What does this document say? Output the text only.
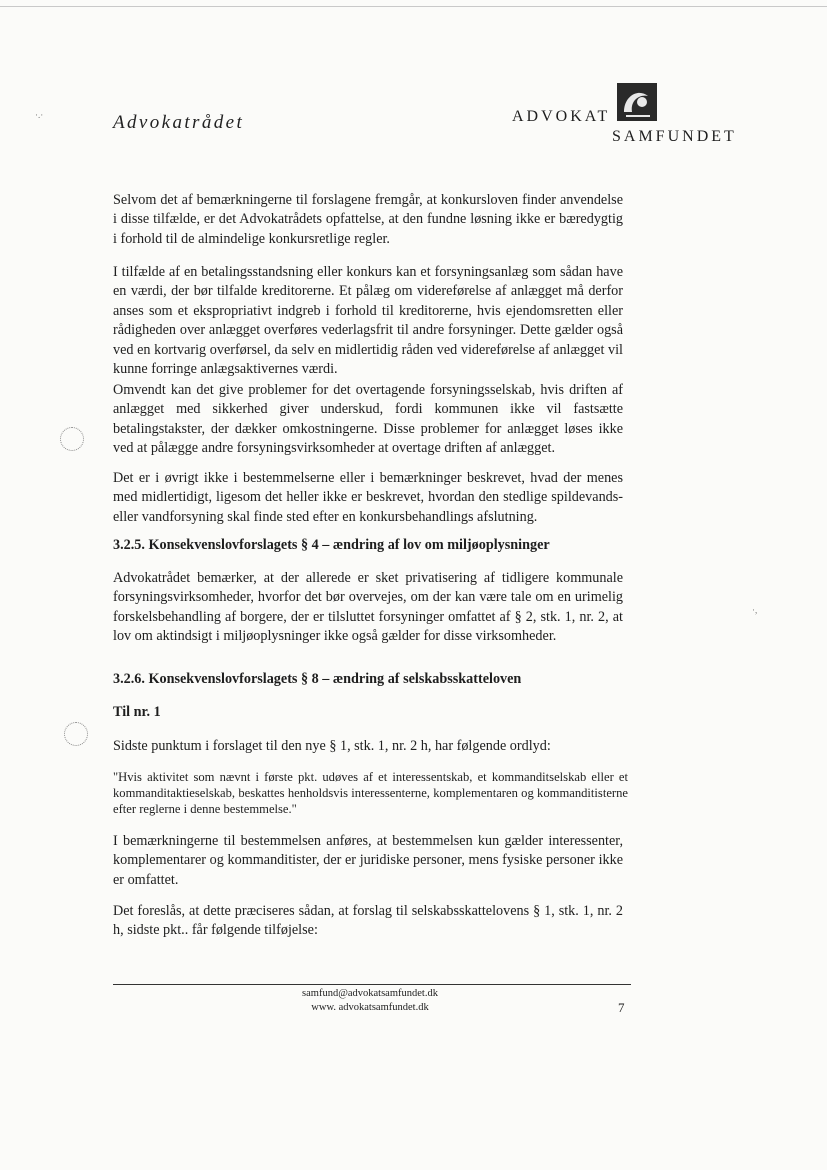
·.·
·,
Advokatrådet	ADVOKAT
SAMFUNDET

Selvom det af bemærkningerne til forslagene fremgår, at konkursloven finder anvendelse i disse tilfælde, er det Advokatrådets opfattelse, at den fundne løsning ikke er bæredygtig i forhold til de almindelige konkursretlige regler.

I tilfælde af en betalingsstandsning eller konkurs kan et forsyningsanlæg som sådan have en værdi, der bør tilfalde kreditorerne. Et pålæg om videreførelse af anlægget må derfor anses som et ekspropriativt indgreb i forhold til kreditorerne, hvis ejendomsretten eller rådigheden over anlægget overføres vederlagsfrit til andre forsyninger. Dette gælder også ved en kortvarig overførsel, da selv en midlertidig råden ved videreførelse af anlægget vil kunne forringe anlægsaktivernes værdi.

Omvendt kan det give problemer for det overtagende forsyningsselskab, hvis driften af anlægget med sikkerhed giver underskud, fordi kommunen ikke vil fastsætte betalingstakster, der dækker omkostningerne. Disse problemer for anlægget løses ikke ved at pålægge andre forsyningsvirksomheder at overtage driften af anlægget.

Det er i øvrigt ikke i bestemmelserne eller i bemærkninger beskrevet, hvad der menes med midlertidigt, ligesom det heller ikke er beskrevet, hvordan den stedlige spildevands- eller vandforsyning skal finde sted efter en konkursbehandlings afslutning.

3.2.5. Konsekvenslovforslagets § 4 – ændring af lov om miljøoplysninger

Advokatrådet bemærker, at der allerede er sket privatisering af tidligere kommunale forsyningsvirksomheder, hvorfor det bør overvejes, om der kan være tale om en urimelig forskelsbehandling af borgere, der er tilsluttet forsyninger omfattet af § 2, stk. 1, nr. 2, at lov om aktindsigt i miljøoplysninger ikke også gælder for disse virksomheder.

3.2.6. Konsekvenslovforslagets § 8 – ændring af selskabsskatteloven
Til nr. 1

Sidste punktum i forslaget til den nye § 1, stk. 1, nr. 2 h, har følgende ordlyd:

"Hvis aktivitet som nævnt i første pkt. udøves af et interessentskab, et kommanditselskab eller et kommanditaktieselskab, beskattes henholdsvis interessenterne, komplementaren og kommanditisterne efter reglerne i denne bestemmelse."

I bemærkningerne til bestemmelsen anføres, at bestemmelsen kun gælder interessenter, komplementarer og kommanditister, der er juridiske personer, mens fysiske personer ikke er omfattet.

Det foreslås, at dette præciseres sådan, at forslag til selskabsskattelovens § 1, stk. 1, nr. 2 h, sidste pkt.. får følgende tilføjelse:

samfund@advokatsamfundet.dk
www. advokatsamfundet.dk	7
